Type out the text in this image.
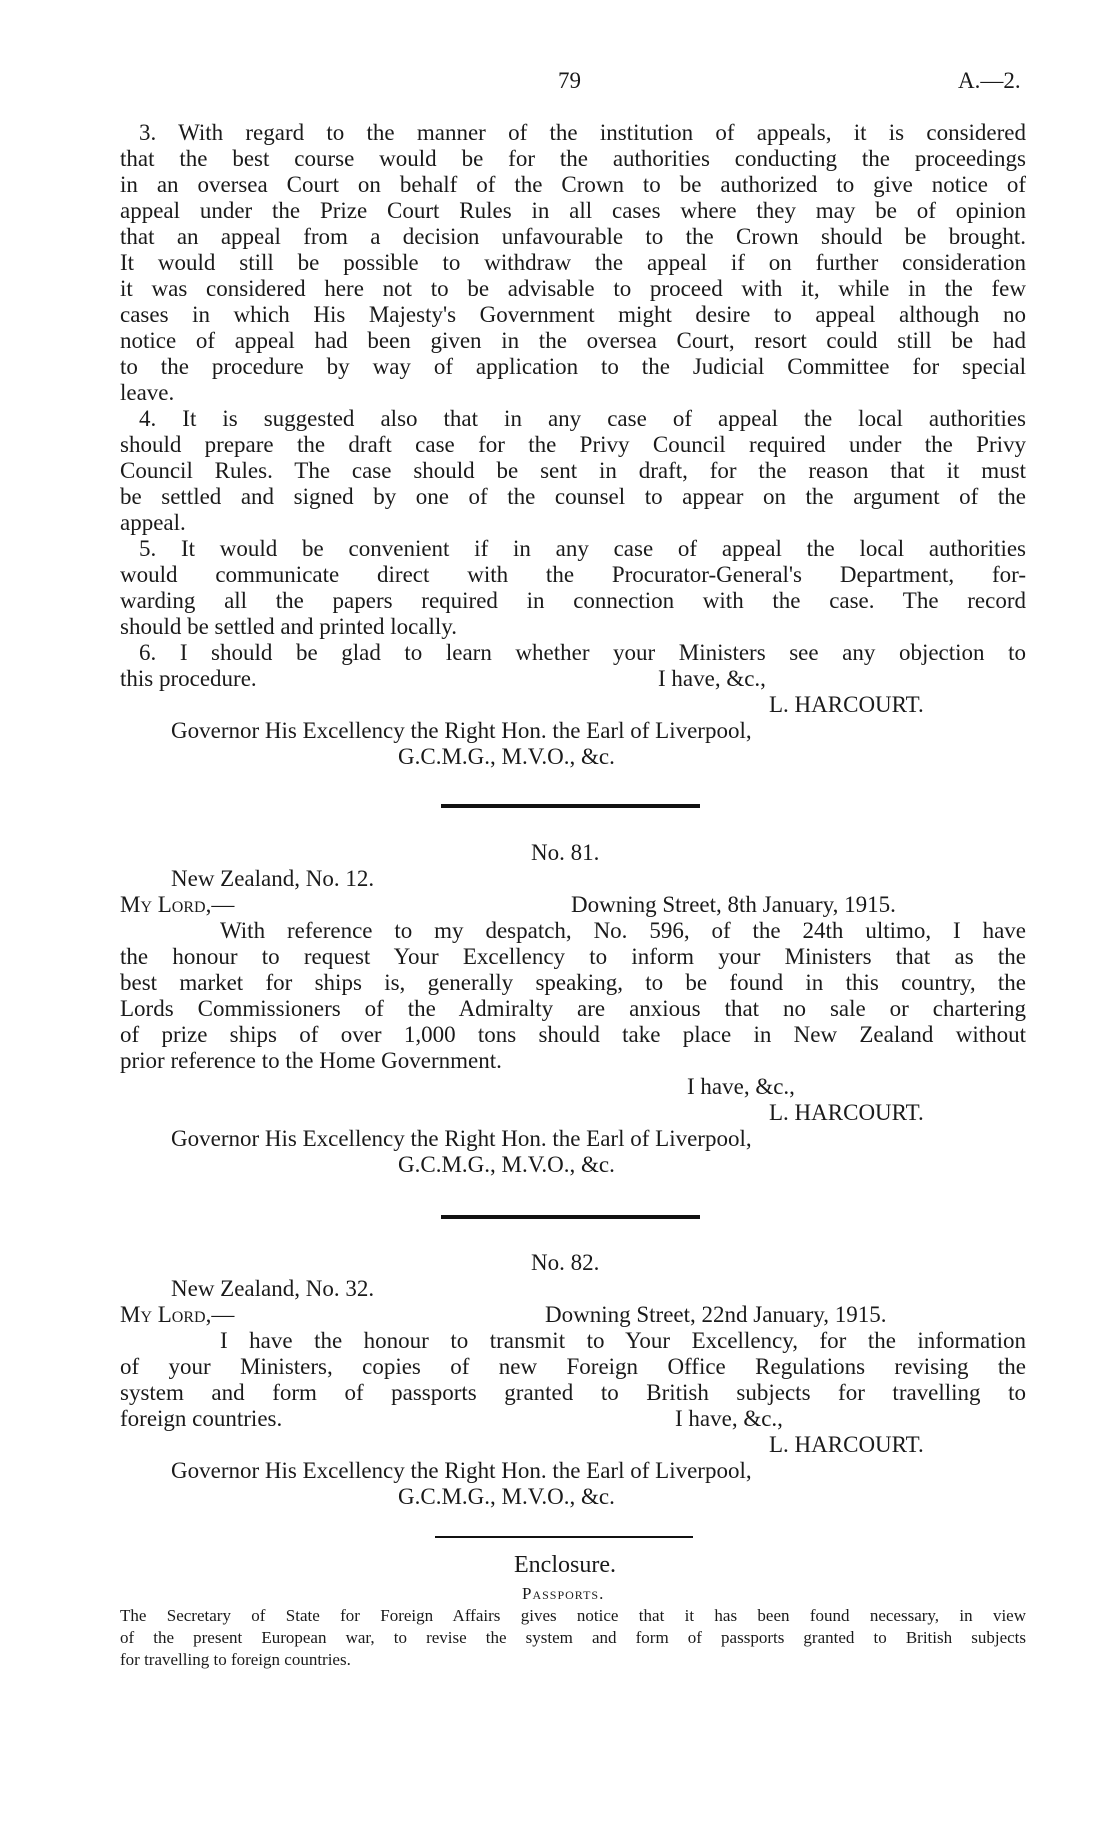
79	A.—2.
3. With regard to the manner of the institution of appeals, it is considered
that the best course would be for the authorities conducting the proceedings
in an oversea Court on behalf of the Crown to be authorized to give notice of
appeal under the Prize Court Rules in all cases where they may be of opinion
that an appeal from a decision unfavourable to the Crown should be brought.
It would still be possible to withdraw the appeal if on further consideration
it was considered here not to be advisable to proceed with it, while in the few
cases in which His Majesty's Government might desire to appeal although no
notice of appeal had been given in the oversea Court, resort could still be had
to the procedure by way of application to the Judicial Committee for special
leave.
4. It is suggested also that in any case of appeal the local authorities
should prepare the draft case for the Privy Council required under the Privy
Council Rules. The case should be sent in draft, for the reason that it must
be settled and signed by one of the counsel to appear on the argument of the
appeal.
5. It would be convenient if in any case of appeal the local authorities
would communicate direct with the Procurator-General's Department, for-
warding all the papers required in connection with the case. The record
should be settled and printed locally.
6. I should be glad to learn whether your Ministers see any objection to
this procedure.	I have, &c.,
L. HARCOURT.
Governor His Excellency the Right Hon. the Earl of Liverpool,
G.C.M.G., M.V.O., &c.
No. 81.
New Zealand, No. 12.
My Lord,—	Downing Street, 8th January, 1915.
With reference to my despatch, No. 596, of the 24th ultimo, I have
the honour to request Your Excellency to inform your Ministers that as the
best market for ships is, generally speaking, to be found in this country, the
Lords Commissioners of the Admiralty are anxious that no sale or chartering
of prize ships of over 1,000 tons should take place in New Zealand without
prior reference to the Home Government.
I have, &c.,
L. HARCOURT.
Governor His Excellency the Right Hon. the Earl of Liverpool,
G.C.M.G., M.V.O., &c.
No. 82.
New Zealand, No. 32.
My Lord,—	Downing Street, 22nd January, 1915.
I have the honour to transmit to Your Excellency, for the information
of your Ministers, copies of new Foreign Office Regulations revising the
system and form of passports granted to British subjects for travelling to
foreign countries.	I have, &c.,
L. HARCOURT.
Governor His Excellency the Right Hon. the Earl of Liverpool,
G.C.M.G., M.V.O., &c.
Enclosure.
Passports.
The Secretary of State for Foreign Affairs gives notice that it has been found necessary, in view
of the present European war, to revise the system and form of passports granted to British subjects
for travelling to foreign countries.
